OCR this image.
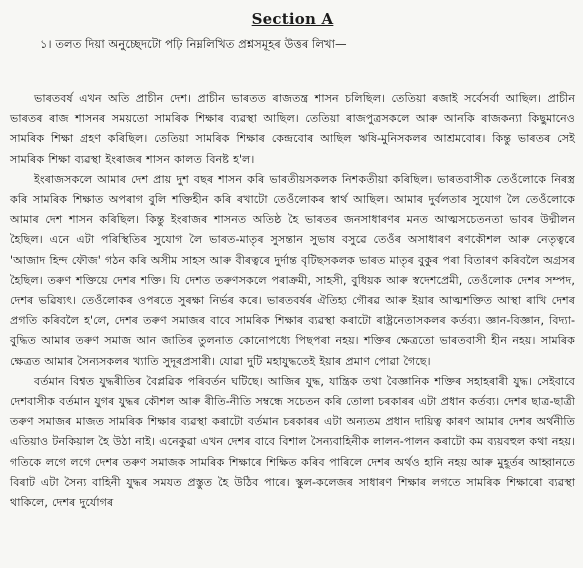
Section A
১। তলত দিয়া অনুচ্ছেদটো পঢ়ি নিম্নলিখিত প্ৰশ্নসমূহৰ উত্তৰ লিখা—

ভাৰতবৰ্ষ এখন অতি প্ৰাচীন দেশ। প্ৰাচীন ভাৰতত ৰাজতন্ত্ৰ শাসন চলিছিল। তেতিয়া ৰজাই সৰ্বেসৰ্বা আছিল। প্ৰাচীন ভাৰতৰ ৰাজ শাসনৰ সময়তো সামৰিক শিক্ষাৰ ব্যৱস্থা আছিল। তেতিয়া ৰাজপুত্ৰসকলে আৰু আনকি ৰাজকন্যা কিছুমানেও সামৰিক শিক্ষা গ্ৰহণ কৰিছিল। তেতিয়া সামৰিক শিক্ষাৰ কেন্দ্ৰবোৰ আছিল ঋষি-মুনিসকলৰ আশ্ৰমবোৰ। কিন্তু ভাৰতৰ সেই সামৰিক শিক্ষা ব্যৱস্থা ইংৰাজৰ শাসন কালত বিনষ্ট হ'ল।

ইংৰাজসকলে আমাৰ দেশ প্ৰায় দুশ বছৰ শাসন কৰি ভাৰতীয়সকলক নিশকতীয়া কৰিছিল। ভাৰতবাসীক তেওঁলোকে নিৰস্ত্ৰ কৰি সামৰিক শিক্ষাত অপৰাগ বুলি শক্তিহীন কৰি ৰখাটো তেওঁলোকৰ স্বাৰ্থ আছিল। আমাৰ দুৰ্বলতাৰ সুযোগ লৈ তেওঁলোকে আমাৰ দেশ শাসন কৰিছিল। কিন্তু ইংৰাজৰ শাসনত অতিষ্ঠ হৈ ভাৰতৰ জনসাধাৰণৰ মনত আত্মসচেতনতা ভাবৰ উদ্মীলন হৈছিল। এনে এটা পৰিস্থিতিৰ সুযোগ লৈ ভাৰত-মাতৃৰ সুসন্তান সুভাষ বসুৱে তেওঁৰ অসাধাৰণ ৰণকৌশল আৰু নেতৃত্বৰে 'আজাদ হিন্দ ফৌজ' গঠন কৰি অসীম সাহস আৰু বীৰত্বৰে দুৰ্দান্ত বৃটিছসকলক ভাৰত মাতৃৰ বুকুৰ পৰা বিতাৰণ কৰিবলৈ অগ্ৰসৰ হৈছিল। তৰুণ শক্তিয়ে দেশৰ শক্তি। যি দেশত তৰুণসকলে পৰাক্ৰমী, সাহসী, বুধিয়ক আৰু স্বদেশপ্ৰেমী, তেওঁলোক দেশৰ সম্পদ, দেশৰ ভৱিষ্যৎ। তেওঁলোকৰ ওপৰতে সুৰক্ষা নিৰ্ভৰ কৰে। ভাৰতবৰ্ষৰ ঐতিহ্য গৌৰৱ আৰু ইয়াৰ আত্মশক্তিত আস্থা ৰাখি দেশৰ প্ৰগতি কৰিবলৈ হ'লে, দেশৰ তৰুণ সমাজৰ বাবে সামৰিক শিক্ষাৰ ব্যৱস্থা কৰাটো ৰাষ্ট্ৰনেতাসকলৰ কৰ্তব্য। জ্ঞান-বিজ্ঞান, বিদ্যা-বুদ্ধিত আমাৰ তৰুণ সমাজ আন জাতিৰ তুলনাত কোনোপধ্যে পিছপৰা নহয়। শক্তিৰ ক্ষেত্ৰতো ভাৰতবাসী হীন নহয়। সামৰিক ক্ষেত্ৰত আমাৰ সৈন্যসকলৰ খ্যাতি সুদূৰপ্ৰসাৰী। যোৱা দুটি মহাযুদ্ধতেই ইয়াৰ প্ৰমাণ পোৱা গৈছে।

বৰ্তমান বিশ্বত যুদ্ধৰীতিৰ বৈপ্লৱিক পৰিবৰ্তন ঘটিছে। আজিৰ যুদ্ধ, যান্ত্ৰিক তথা বৈজ্ঞানিক শক্তিৰ সহাহৰাৰী যুদ্ধ। সেইবাবে দেশবাসীক বৰ্তমান যুগৰ যুদ্ধৰ কৌশল আৰু ৰীতি-নীতি সম্বন্ধে সচেতন কৰি তোলা চৰকাৰৰ এটা প্ৰধান কৰ্তব্য। দেশৰ ছাত্ৰ-ছাত্ৰী তৰুণ সমাজৰ মাজত সামৰিক শিক্ষাৰ ব্যৱস্থা কৰাটো বৰ্তমান চৰকাৰৰ এটা অন্যতম প্ৰধান দায়িত্ব কাৰণ আমাৰ দেশৰ অৰ্থনীতি এতিয়াও টনকিয়াল হৈ উঠা নাই। এনেকুৱা এখন দেশৰ বাবে বিশাল সৈন্যবাহিনীক লালন-পালন কৰাটো কম ব্যয়বহুল কথা নহয়। গতিকে লগে লগে দেশৰ তৰুণ সমাজক সামৰিক শিক্ষাৰে শিক্ষিত কৰিব পাৰিলে দেশৰ অৰ্থও হানি নহয় আৰু মুহূৰ্তৰ আহ্বানতে বিৰাট এটা সৈন্য বাহিনী যুদ্ধৰ সমযত প্ৰস্তুত হৈ উঠিব পাৰে। স্কুল-কলেজৰ সাধাৰণ শিক্ষাৰ লগতে সামৰিক শিক্ষাৰো ব্যৱস্থা থাকিলে, দেশৰ দুৰ্যোগৰ
